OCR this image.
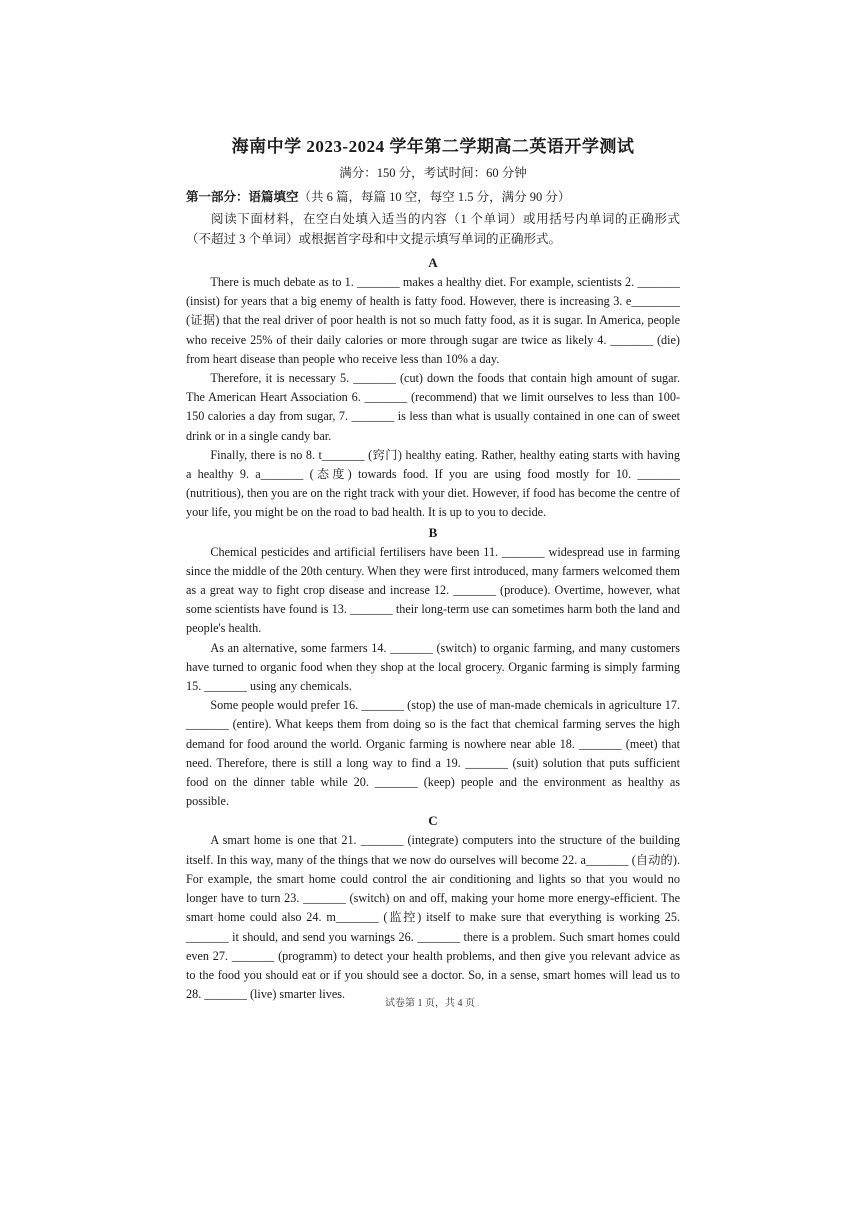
海南中学 2023-2024 学年第二学期高二英语开学测试
满分：150 分，考试时间：60 分钟
第一部分：语篇填空（共 6 篇，每篇 10 空，每空 1.5 分，满分 90 分）
阅读下面材料，在空白处填入适当的内容（1 个单词）或用括号内单词的正确形式（不超过 3 个单词）或根据首字母和中文提示填写单词的正确形式。
A

There is much debate as to 1. _______ makes a healthy diet. For example, scientists 2. _______ (insist) for years that a big enemy of health is fatty food. However, there is increasing 3. e________ (证据) that the real driver of poor health is not so much fatty food, as it is sugar. In America, people who receive 25% of their daily calories or more through sugar are twice as likely 4. _______ (die) from heart disease than people who receive less than 10% a day.

Therefore, it is necessary 5. _______ (cut) down the foods that contain high amount of sugar. The American Heart Association 6. _______ (recommend) that we limit ourselves to less than 100-150 calories a day from sugar, 7. _______ is less than what is usually contained in one can of sweet drink or in a single candy bar.

Finally, there is no 8. t_______ (窍门) healthy eating. Rather, healthy eating starts with having a healthy 9. a_______ (态度) towards food. If you are using food mostly for 10. _______ (nutritious), then you are on the right track with your diet. However, if food has become the centre of your life, you might be on the road to bad health. It is up to you to decide.

B

Chemical pesticides and artificial fertilisers have been 11. _______ widespread use in farming since the middle of the 20th century. When they were first introduced, many farmers welcomed them as a great way to fight crop disease and increase 12. _______ (produce). Overtime, however, what some scientists have found is 13. _______ their long-term use can sometimes harm both the land and people's health.

As an alternative, some farmers 14. _______ (switch) to organic farming, and many customers have turned to organic food when they shop at the local grocery. Organic farming is simply farming 15. _______ using any chemicals.

Some people would prefer 16. _______ (stop) the use of man-made chemicals in agriculture 17. _______ (entire). What keeps them from doing so is the fact that chemical farming serves the high demand for food around the world. Organic farming is nowhere near able 18. _______ (meet) that need. Therefore, there is still a long way to find a 19. _______ (suit) solution that puts sufficient food on the dinner table while 20. _______ (keep) people and the environment as healthy as possible.

C

A smart home is one that 21. _______ (integrate) computers into the structure of the building itself. In this way, many of the things that we now do ourselves will become 22. a_______ (自动的). For example, the smart home could control the air conditioning and lights so that you would no longer have to turn 23. _______ (switch) on and off, making your home more energy-efficient. The smart home could also 24. m_______ (监控) itself to make sure that everything is working 25. _______ it should, and send you warnings 26. _______ there is a problem. Such smart homes could even 27. _______ (programm) to detect your health problems, and then give you relevant advice as to the food you should eat or if you should see a doctor. So, in a sense, smart homes will lead us to 28. _______ (live) smarter lives.

试卷第 1 页，共 4 页
